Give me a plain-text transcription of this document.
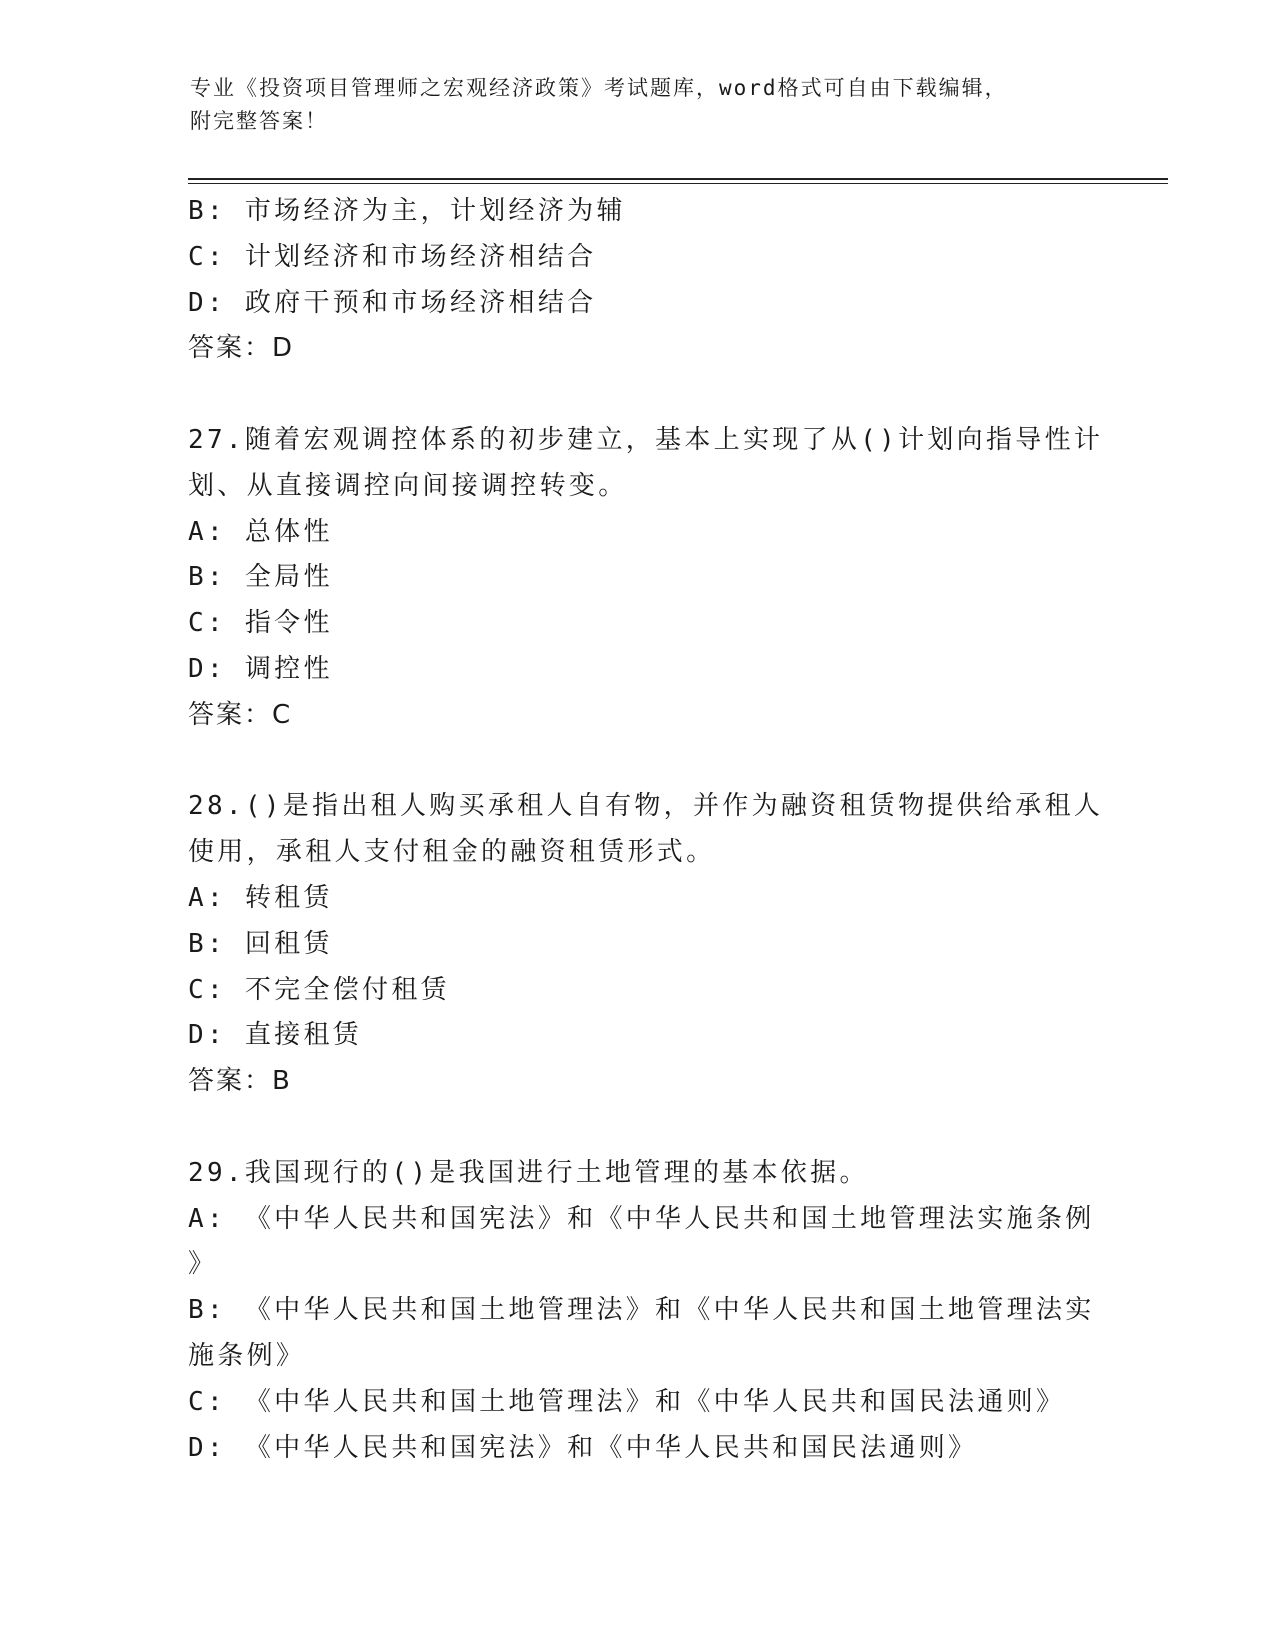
专业《投资项目管理师之宏观经济政策》考试题库，word格式可自由下载编辑，
附完整答案！
B: 市场经济为主，计划经济为辅
C: 计划经济和市场经济相结合
D: 政府干预和市场经济相结合
答案：D
27.随着宏观调控体系的初步建立，基本上实现了从()计划向指导性计
划、从直接调控向间接调控转变。
A: 总体性
B: 全局性
C: 指令性
D: 调控性
答案：C
28.()是指出租人购买承租人自有物，并作为融资租赁物提供给承租人
使用，承租人支付租金的融资租赁形式。
A: 转租赁
B: 回租赁
C: 不完全偿付租赁
D: 直接租赁
答案：B
29.我国现行的()是我国进行土地管理的基本依据。
A: 《中华人民共和国宪法》和《中华人民共和国土地管理法实施条例
》
B: 《中华人民共和国土地管理法》和《中华人民共和国土地管理法实
施条例》
C: 《中华人民共和国土地管理法》和《中华人民共和国民法通则》
D: 《中华人民共和国宪法》和《中华人民共和国民法通则》
